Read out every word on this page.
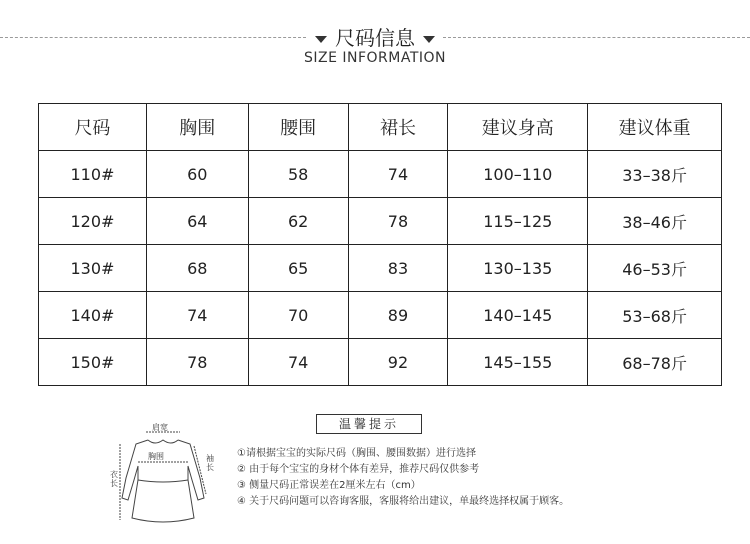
尺码信息
SIZE INFORMATION
尺码	胸围	腰围	裙长	建议身高	建议体重
110#	60	58	74	100–110	33–38斤
120#	64	62	78	115–125	38–46斤
130#	68	65	83	130–135	46–53斤
140#	74	70	89	140–145	53–68斤
150#	78	74	92	145–155	68–78斤
肩宽
胸围
衣长
袖长
温馨提示
①请根据宝宝的实际尺码（胸围、腰围数据）进行选择
② 由于每个宝宝的身材个体有差异，推荐尺码仅供参考
③ 侧量尺码正常误差在2厘米左右（cm）
④ 关于尺码问题可以咨询客服，客服将给出建议，单最终选择权属于顾客。
